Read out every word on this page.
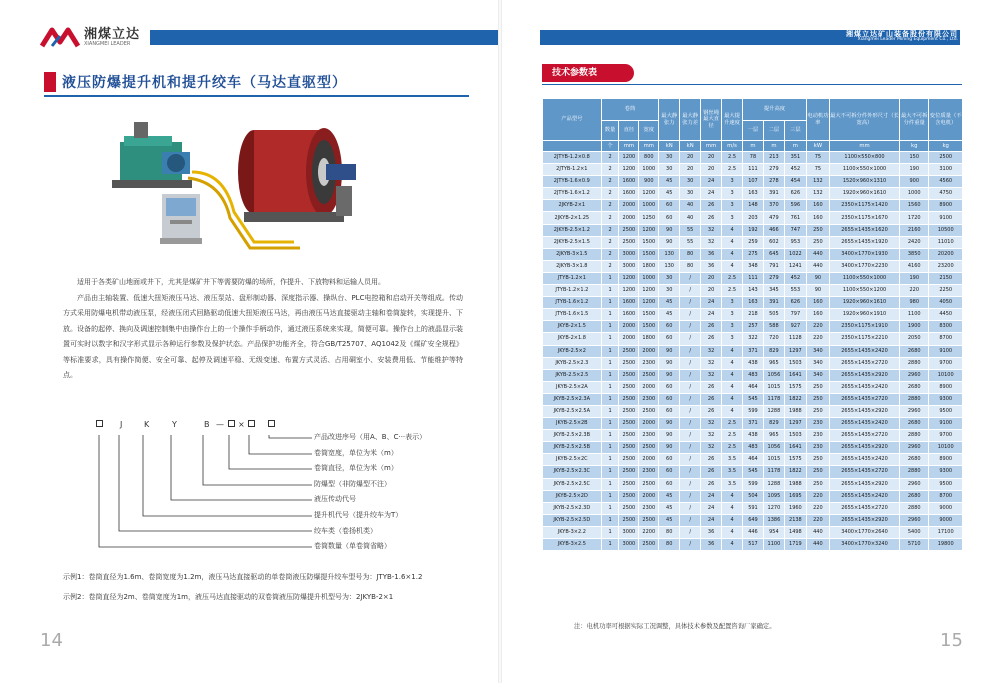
湘煤立达
XIANGMEI LEADER
液压防爆提升机和提升绞车（马达直驱型）

适用于各类矿山地面或井下，尤其是煤矿井下等需要防爆的场所，作提升、下放物料和运输人员用。

产品由主轴装置、低速大扭矩液压马达、液压泵站、盘形制动器、深度指示器、操纵台、PLC电控箱和启动开关等组成。传动方式采用防爆电机带动液压泵，经液压闭式回路驱动低速大扭矩液压马达，再由液压马达直接驱动主轴和卷筒旋转，实现提升、下放。设备的起停、换向及调速控制集中由操作台上的一个操作手柄动作，通过液压系统来实现，简便可靠。操作台上的液晶显示装置可实时以数字和汉字形式显示各种运行参数及保护状态。产品保护功能齐全，符合GB/T25707、AQ1042及《煤矿安全规程》等标准要求，具有操作简便、安全可靠、起停及调速平稳、无级变速、布置方式灵活、占用硐室小、安装费用低、节能维护等特点。

J	K	Y	B — ×
产品改进序号（用A、B、C···表示）
卷筒宽度，单位为米（m）
卷筒直径，单位为米（m）
防爆型（非防爆型不注）
液压传动代号
提升机代号（提升绞车为T）
绞车类（卷扬机类）
卷筒数量（单卷筒省略）

示例1：卷筒直径为1.6m、卷筒宽度为1.2m，液压马达直接驱动的单卷筒液压防爆提升绞车型号为：JTYB-1.6×1.2

示例2：卷筒直径为2m、卷筒宽度为1m，液压马达直接驱动的双卷筒液压防爆提升机型号为：2JKYB-2×1

14
湘煤立达矿山装备股份有限公司
Xiangmei Leader Mining Equipment Co., Ltd.
技术参数表
产品型号	卷筒			最大静张力	最大静张力差	钢丝绳最大直径	最大提升速度	提升高度			电动机功率	最大不可拆分件外形尺寸（长宽高）	最大不可拆分件重量	变位质量（不含电机）
	数量	直径	宽度					一层	二层	三层				
	个	mm	mm	kN	kN	mm	m/s	m	m	m	kW	mm	kg	kg
2JTYB-1.2×0.8	2	1200	800	30	20	20	2.5	78	213	351	75	1100×550×800	150	2500
2JTYB-1.2×1	2	1200	1000	30	20	20	2.5	111	279	452	75	1100×550×1000	190	3100
2JTYB-1.6×0.9	2	1600	900	45	30	24	3	107	278	454	132	1520×960×1310	900	4560
2JTYB-1.6×1.2	2	1600	1200	45	30	24	3	163	391	626	132	1920×960×1610	1000	4750
2JKYB-2×1	2	2000	1000	60	40	26	3	148	370	596	160	2350×1175×1420	1560	8900
2JKYB-2×1.25	2	2000	1250	60	40	26	3	203	479	761	160	2350×1175×1670	1720	9100
2JKYB-2.5×1.2	2	2500	1200	90	55	32	4	192	466	747	250	2655×1435×1620	2160	10500
2JKYB-2.5×1.5	2	2500	1500	90	55	32	4	259	602	953	250	2655×1435×1920	2420	11010
2JKYB-3×1.5	2	3000	1500	130	80	36	4	275	645	1022	440	3400×1770×1930	3850	20200
2JKYB-3×1.8	2	3000	1800	130	80	36	4	348	791	1241	440	3400×1770×2230	4160	23200
JTYB-1.2×1	1	1200	1000	30	/	20	2.5	111	279	452	90	1100×550×1000	190	2150
JTYB-1.2×1.2	1	1200	1200	30	/	20	2.5	143	345	553	90	1100×550×1200	220	2250
JTYB-1.6×1.2	1	1600	1200	45	/	24	3	163	391	626	160	1920×960×1610	980	4050
JTYB-1.6×1.5	1	1600	1500	45	/	24	3	218	505	797	160	1920×960×1910	1100	4450
JKYB-2×1.5	1	2000	1500	60	/	26	3	257	588	927	220	2350×1175×1910	1900	8300
JKYB-2×1.8	1	2000	1800	60	/	26	3	322	720	1128	220	2350×1175×2210	2050	8700
JKYB-2.5×2	1	2500	2000	90	/	32	4	371	829	1297	340	2655×1435×2420	2680	9100
JKYB-2.5×2.3	1	2500	2300	90	/	32	4	438	965	1503	340	2655×1435×2720	2880	9700
JKYB-2.5×2.5	1	2500	2500	90	/	32	4	483	1056	1641	340	2655×1435×2920	2960	10100
JKYB-2.5×2A	1	2500	2000	60	/	26	4	464	1015	1575	250	2655×1435×2420	2680	8900
JKYB-2.5×2.3A	1	2500	2300	60	/	26	4	545	1178	1822	250	2655×1435×2720	2880	9300
JKYB-2.5×2.5A	1	2500	2500	60	/	26	4	599	1288	1988	250	2655×1435×2920	2960	9500
JKYB-2.5×2B	1	2500	2000	90	/	32	2.5	371	829	1297	230	2655×1435×2420	2680	9100
JKYB-2.5×2.3B	1	2500	2300	90	/	32	2.5	438	965	1503	230	2655×1435×2720	2880	9700
JKYB-2.5×2.5B	1	2500	2500	90	/	32	2.5	483	1056	1641	230	2655×1435×2920	2960	10100
JKYB-2.5×2C	1	2500	2000	60	/	26	3.5	464	1015	1575	250	2655×1435×2420	2680	8900
JKYB-2.5×2.3C	1	2500	2300	60	/	26	3.5	545	1178	1822	250	2655×1435×2720	2880	9300
JKYB-2.5×2.5C	1	2500	2500	60	/	26	3.5	599	1288	1988	250	2655×1435×2920	2960	9500
JKYB-2.5×2D	1	2500	2000	45	/	24	4	504	1095	1695	220	2655×1435×2420	2680	8700
JKYB-2.5×2.3D	1	2500	2300	45	/	24	4	591	1270	1960	220	2655×1435×2720	2880	9000
JKYB-2.5×2.5D	1	2500	2500	45	/	24	4	649	1386	2138	220	2655×1435×2920	2960	9000
JKYB-3×2.2	1	3000	2200	80	/	36	4	446	954	1498	440	3400×1770×2640	5400	17100
JKYB-3×2.5	1	3000	2500	80	/	36	4	517	1100	1719	440	3400×1770×3240	5710	19800
注：电机功率可根据实际工况调整，具体技术参数及配置咨询厂家确定。
15
